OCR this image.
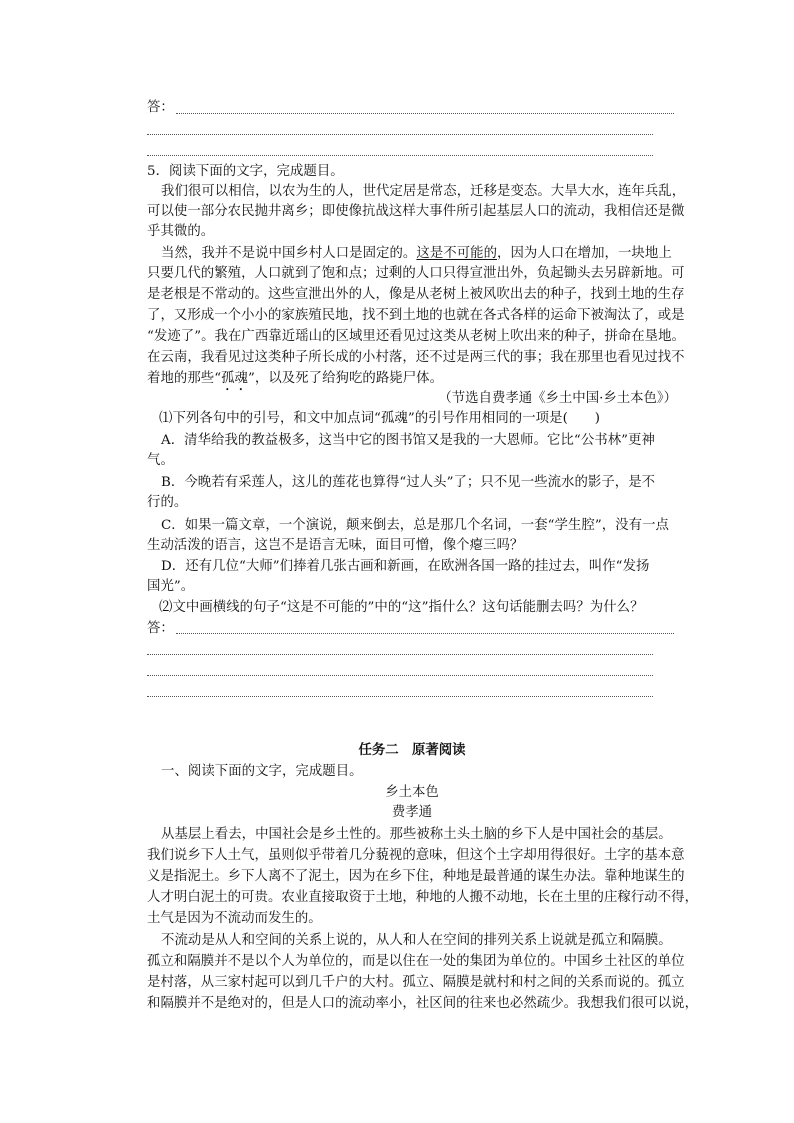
答：
5．阅读下面的文字，完成题目。
我们很可以相信，以农为生的人，世代定居是常态，迁移是变态。大旱大水，连年兵乱，
可以使一部分农民抛井离乡；即使像抗战这样大事件所引起基层人口的流动，我相信还是微
乎其微的。
当然，我并不是说中国乡村人口是固定的。这是不可能的，因为人口在增加，一块地上
只要几代的繁殖，人口就到了饱和点；过剩的人口只得宣泄出外，负起锄头去另辟新地。可
是老根是不常动的。这些宣泄出外的人，像是从老树上被风吹出去的种子，找到土地的生存
了，又形成一个小小的家族殖民地，找不到土地的也就在各式各样的运命下被淘汰了，或是
“发迹了”。我在广西靠近瑶山的区域里还看见过这类从老树上吹出来的种子，拼命在垦地。
在云南，我看见过这类种子所长成的小村落，还不过是两三代的事；我在那里也看见过找不
着地的那些“孤魂”，以及死了给狗吃的路毙尸体。
（节选自费孝通《乡土中国·乡土本色》）
⑴下列各句中的引号，和文中加点词“孤魂”的引号作用相同的一项是(　　)
A．清华给我的教益极多，这当中它的图书馆又是我的一大恩师。它比“公书林”更神
气。
B．今晚若有采莲人，这儿的莲花也算得“过人头”了；只不见一些流水的影子，是不
行的。
C．如果一篇文章，一个演说，颠来倒去，总是那几个名词，一套“学生腔”，没有一点
生动活泼的语言，这岂不是语言无味，面目可憎，像个瘪三吗？
D．还有几位“大师”们捧着几张古画和新画，在欧洲各国一路的挂过去，叫作“发扬
国光”。
⑵文中画横线的句子“这是不可能的”中的“这”指什么？这句话能删去吗？为什么？
答：
任务二　原著阅读
一、阅读下面的文字，完成题目。
乡土本色
费孝通
从基层上看去，中国社会是乡土性的。那些被称土头土脑的乡下人是中国社会的基层。
我们说乡下人土气，虽则似乎带着几分藐视的意味，但这个土字却用得很好。土字的基本意
义是指泥土。乡下人离不了泥土，因为在乡下住，种地是最普通的谋生办法。靠种地谋生的
人才明白泥土的可贵。农业直接取资于土地，种地的人搬不动地，长在土里的庄稼行动不得，
土气是因为不流动而发生的。
不流动是从人和空间的关系上说的，从人和人在空间的排列关系上说就是孤立和隔膜。
孤立和隔膜并不是以个人为单位的，而是以住在一处的集团为单位的。中国乡土社区的单位
是村落，从三家村起可以到几千户的大村。孤立、隔膜是就村和村之间的关系而说的。孤立
和隔膜并不是绝对的，但是人口的流动率小，社区间的往来也必然疏少。我想我们很可以说，
